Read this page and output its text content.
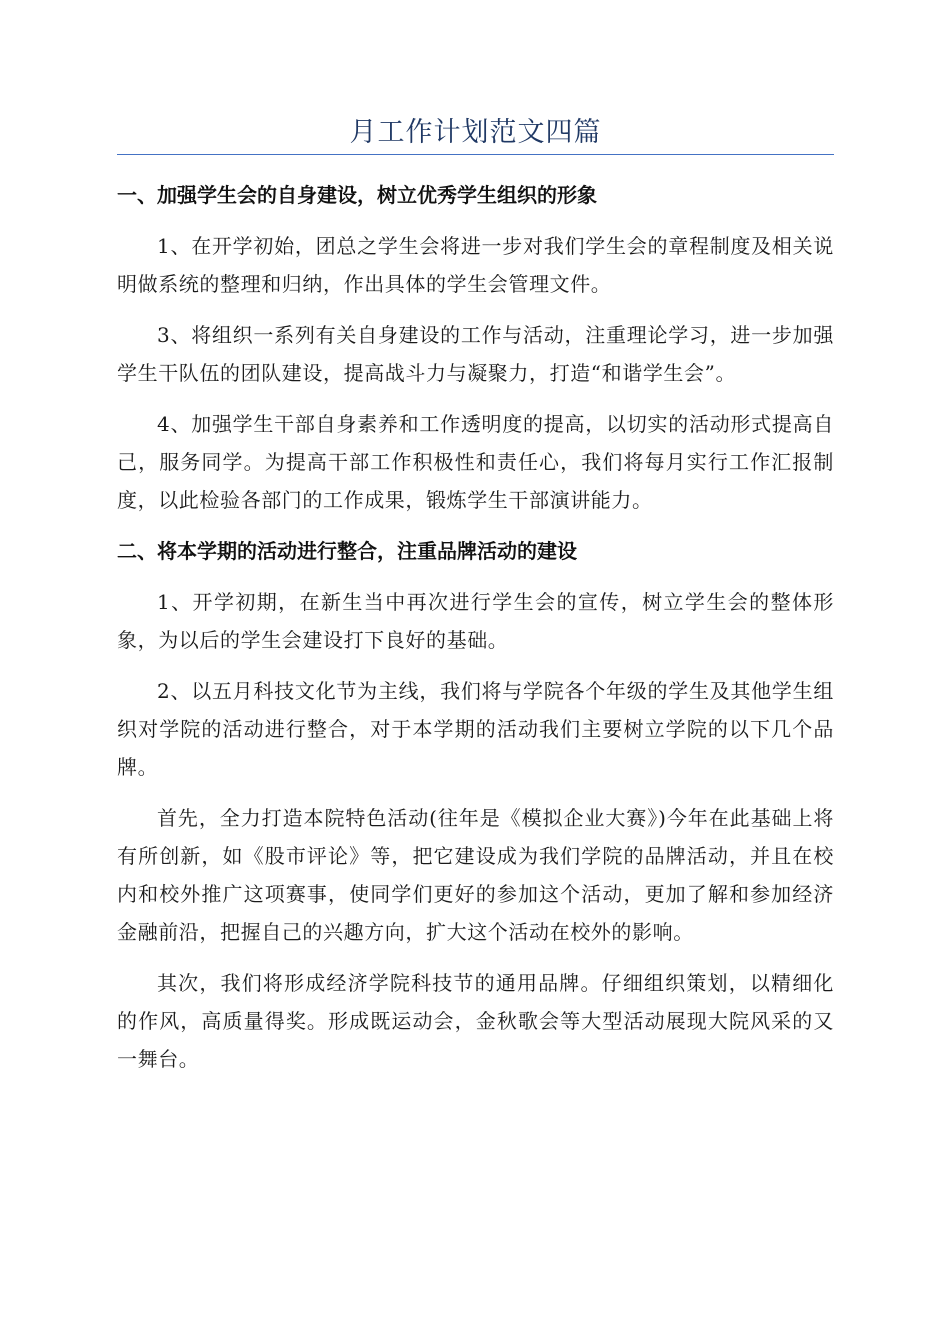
月工作计划范文四篇
一、加强学生会的自身建设，树立优秀学生组织的形象

1、在开学初始，团总之学生会将进一步对我们学生会的章程制度及相关说明做系统的整理和归纳，作出具体的学生会管理文件。

3、将组织一系列有关自身建设的工作与活动，注重理论学习，进一步加强学生干队伍的团队建设，提高战斗力与凝聚力，打造“和谐学生会”。

4、加强学生干部自身素养和工作透明度的提高，以切实的活动形式提高自己，服务同学。为提高干部工作积极性和责任心，我们将每月实行工作汇报制度，以此检验各部门的工作成果，锻炼学生干部演讲能力。

二、将本学期的活动进行整合，注重品牌活动的建设

1、开学初期，在新生当中再次进行学生会的宣传，树立学生会的整体形象，为以后的学生会建设打下良好的基础。

2、以五月科技文化节为主线，我们将与学院各个年级的学生及其他学生组织对学院的活动进行整合，对于本学期的活动我们主要树立学院的以下几个品牌。

首先，全力打造本院特色活动(往年是《模拟企业大赛》)今年在此基础上将有所创新，如《股市评论》等，把它建设成为我们学院的品牌活动，并且在校内和校外推广这项赛事，使同学们更好的参加这个活动，更加了解和参加经济金融前沿，把握自己的兴趣方向，扩大这个活动在校外的影响。

其次，我们将形成经济学院科技节的通用品牌。仔细组织策划，以精细化的作风，高质量得奖。形成既运动会，金秋歌会等大型活动展现大院风采的又一舞台。
